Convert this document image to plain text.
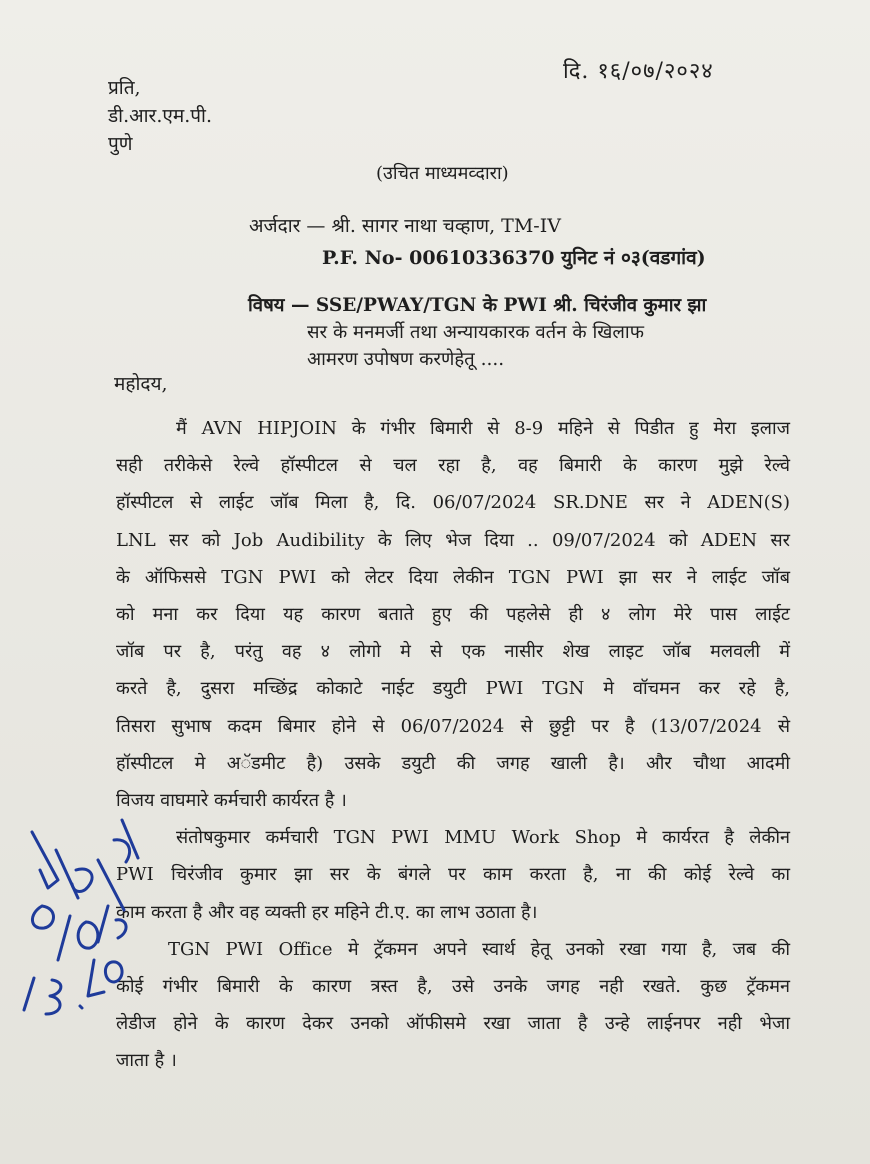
दि. १६/०७/२०२४
प्रति,
डी.आर.एम.पी.
पुणे
(उचित माध्यमव्दारा)
अर्जदार — श्री. सागर नाथा चव्हाण, TM-IV
P.F. No- 00610336370 युनिट नं ०३(वडगांव)
विषय — SSE/PWAY/TGN के PWI श्री. चिरंजीव कुमार झा
सर के मनमर्जी तथा अन्यायकारक वर्तन के खिलाफ
आमरण उपोषण करणेहेतू ....
महोदय,

मैं AVN HIPJOIN के गंभीर बिमारी से 8-9 महिने से पिडीत हु मेरा इलाज

सही तरीकेसे रेल्वे हॉस्पीटल से चल रहा है, वह बिमारी के कारण मुझे रेल्वे

हॉस्पीटल से लाईट जॉब मिला है, दि. 06/07/2024 SR.DNE सर ने ADEN(S)

LNL सर को Job Audibility के लिए भेज दिया .. 09/07/2024 को ADEN सर

के ऑफिससे TGN PWI को लेटर दिया लेकीन TGN PWI झा सर ने लाईट जॉब

को मना कर दिया यह कारण बताते हुए की पहलेसे ही ४ लोग मेरे पास लाईट

जॉब पर है, परंतु वह ४ लोगो मे से एक नासीर शेख लाइट जॉब मलवली में

करते है, दुसरा मच्छिंद्र कोकाटे नाईट डयुटी PWI TGN मे वॉचमन कर रहे है,

तिसरा सुभाष कदम बिमार होने से 06/07/2024 से छुट्टी पर है (13/07/2024 से

हॉस्पीटल मे अॅडमीट है) उसके डयुटी की जगह खाली है। और चौथा आदमी

विजय वाघमारे कर्मचारी कार्यरत है ।

संतोषकुमार कर्मचारी TGN PWI MMU Work Shop मे कार्यरत है लेकीन

PWI चिरंजीव कुमार झा सर के बंगले पर काम करता है, ना की कोई रेल्वे का

काम करता है और वह व्यक्ती हर महिने टी.ए. का लाभ उठाता है।

TGN PWI Office मे ट्रॅकमन अपने स्वार्थ हेतू उनको रखा गया है, जब की

कोई गंभीर बिमारी के कारण त्रस्त है, उसे उनके जगह नही रखते. कुछ ट्रॅकमन

लेडीज होने के कारण देकर उनको ऑफीसमे रखा जाता है उन्हे लाईनपर नही भेजा

जाता है ।
